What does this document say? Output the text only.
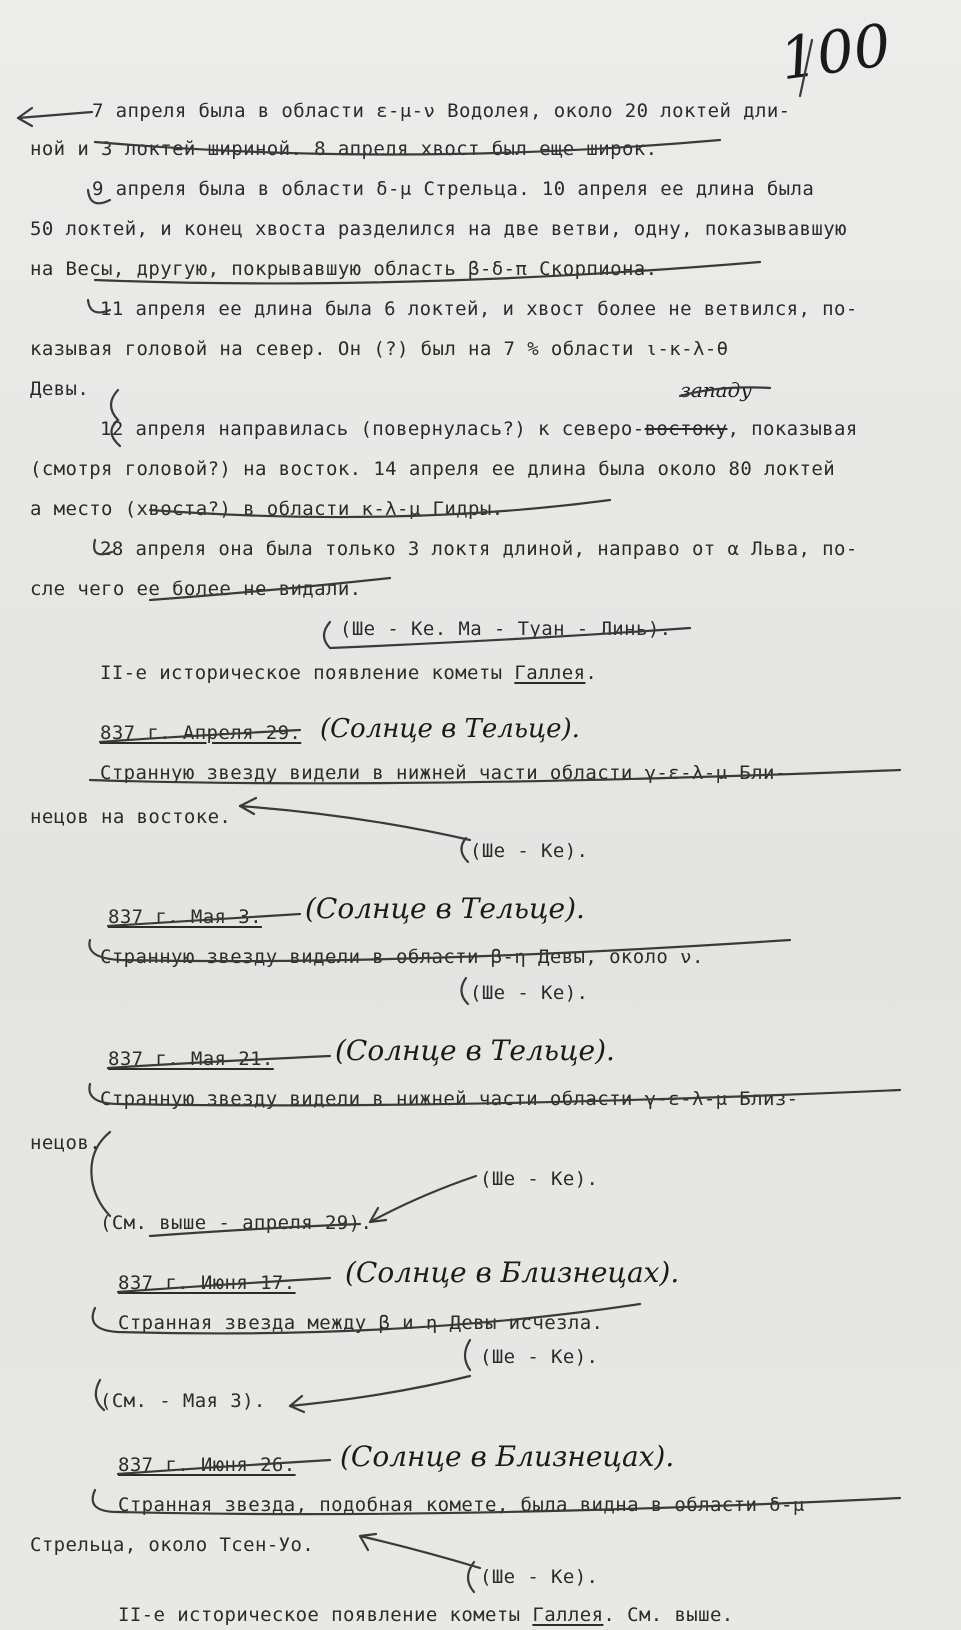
100
7 апреля была в области ε-μ-ν Водолея, около 20 локтей дли-
ной и 3 локтей шириной. 8 апреля хвост был еще широк.
9 апреля была в области δ-μ Стрельца. 10 апреля ее длина была
50 локтей, и конец хвоста разделился на две ветви, одну, показывавшую
на Весы, другую, покрывавшую область β-δ-π Скорпиона.
11 апреля ее длина была 6 локтей, и хвост более не ветвился, по-
казывая головой на север. Он (?) был на 7 % области ι-κ-λ-θ
Девы.	западу
12 апреля направилась (повернулась?) к северо-востоку, показывая
(смотря головой?) на восток. 14 апреля ее длина была около 80 локтей
а место (хвоста?) в области κ-λ-μ Гидры.
28 апреля она была только 3 локтя длиной, направо от α Льва, по-
сле чего ее более не видали.
(Ше - Ке. Ма - Туан - Линь).
II-е историческое появление кометы Галлея.
837 г. Апреля 29. (Солнце в Тельце).
Странную звезду видели в нижней части области γ-ε-λ-μ Бли-
нецов на востоке.
(Ше - Ке).
837 г. Мая 3. (Солнце в Тельце).
Странную звезду видели в области β-η Девы, около ν.
(Ше - Ке).
837 г. Мая 21. (Солнце в Тельце).
Странную звезду видели в нижней части области γ-ε-λ-μ Близ-
нецов.
(Ше - Ке).
(См. выше - апреля 29).
837 г. Июня 17. (Солнце в Близнецах).
Странная звезда между β и η Девы исчезла.
(Ше - Ке).
(См. - Мая 3).
837 г. Июня 26. (Солнце в Близнецах).
Странная звезда, подобная комете, была видна в области δ-μ
Стрельца, около Тсен-Уо.
(Ше - Ке).
II-е историческое появление кометы Галлея. См. выше.
